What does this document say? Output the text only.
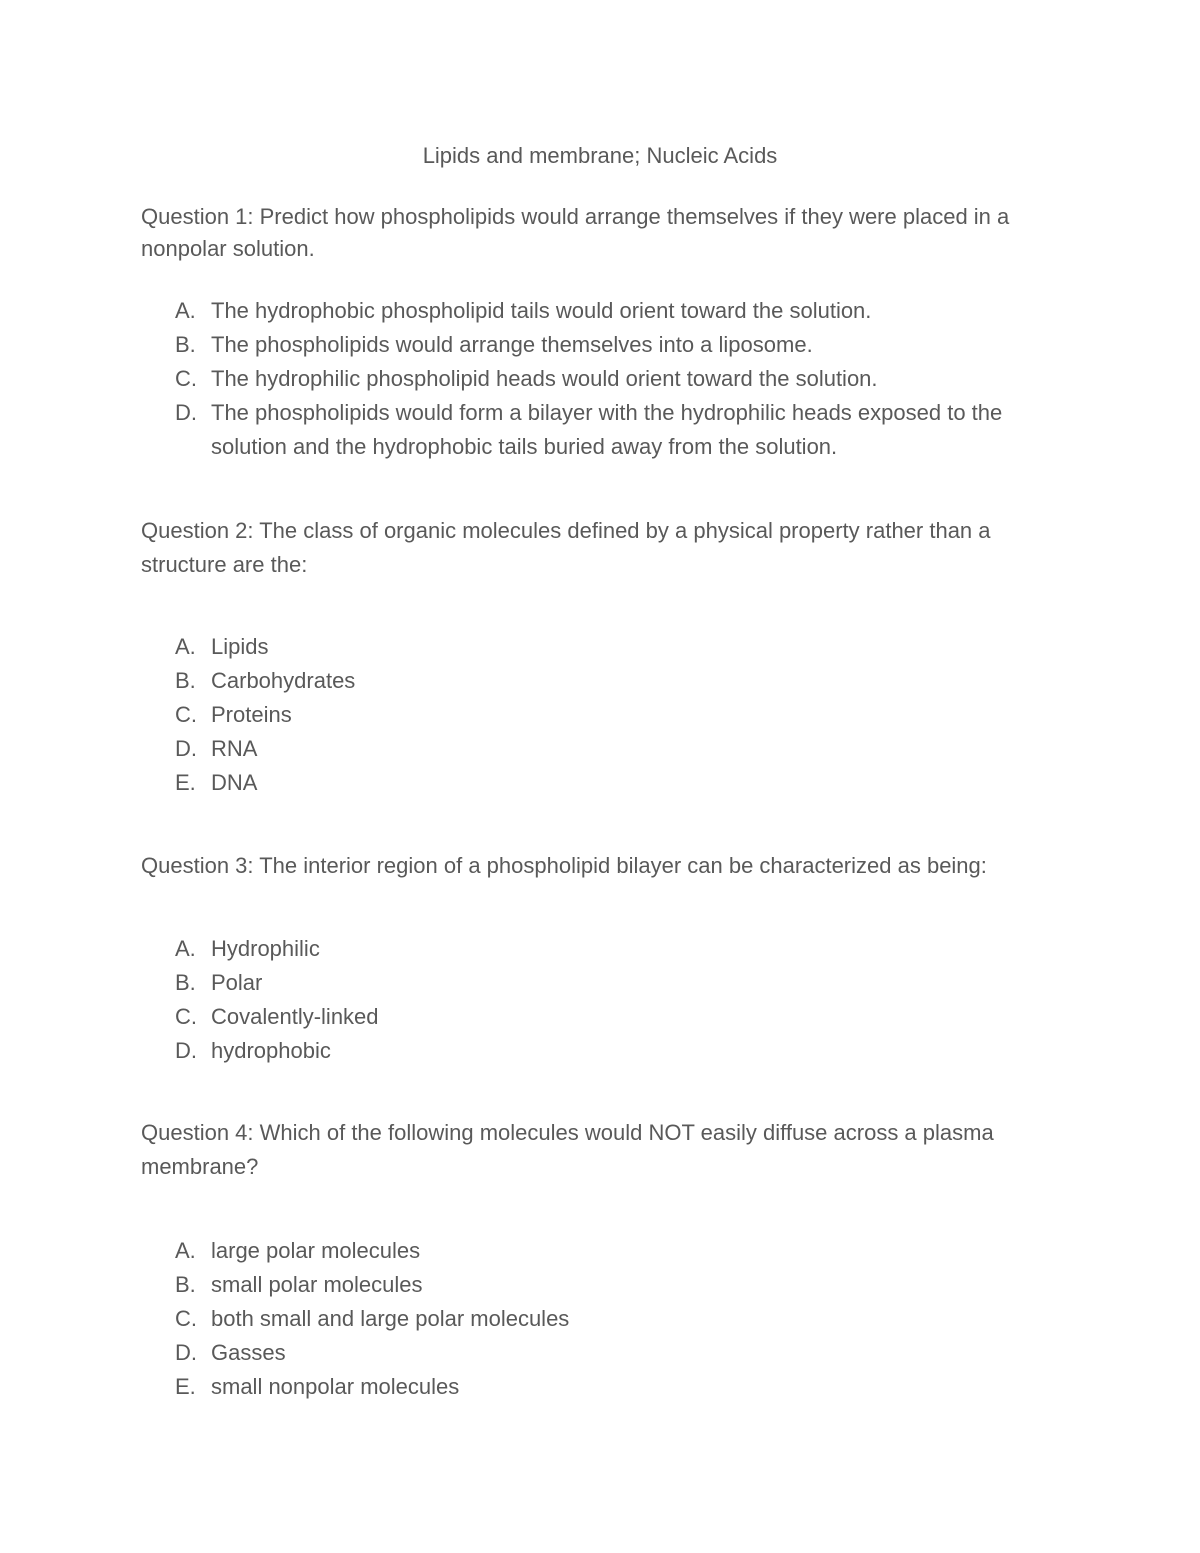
Lipids and membrane; Nucleic Acids

Question 1: Predict how phospholipids would arrange themselves if they were placed in a nonpolar solution.

A. The hydrophobic phospholipid tails would orient toward the solution.
B. The phospholipids would arrange themselves into a liposome.
C. The hydrophilic phospholipid heads would orient toward the solution.
D. The phospholipids would form a bilayer with the hydrophilic heads exposed to the solution and the hydrophobic tails buried away from the solution.

Question 2: The class of organic molecules defined by a physical property rather than a structure are the:

A. Lipids
B. Carbohydrates
C. Proteins
D. RNA
E. DNA

Question 3: The interior region of a phospholipid bilayer can be characterized as being:

A. Hydrophilic
B. Polar
C. Covalently-linked
D. hydrophobic

Question 4: Which of the following molecules would NOT easily diffuse across a plasma membrane?

A. large polar molecules
B. small polar molecules
C. both small and large polar molecules
D. Gasses
E. small nonpolar molecules
